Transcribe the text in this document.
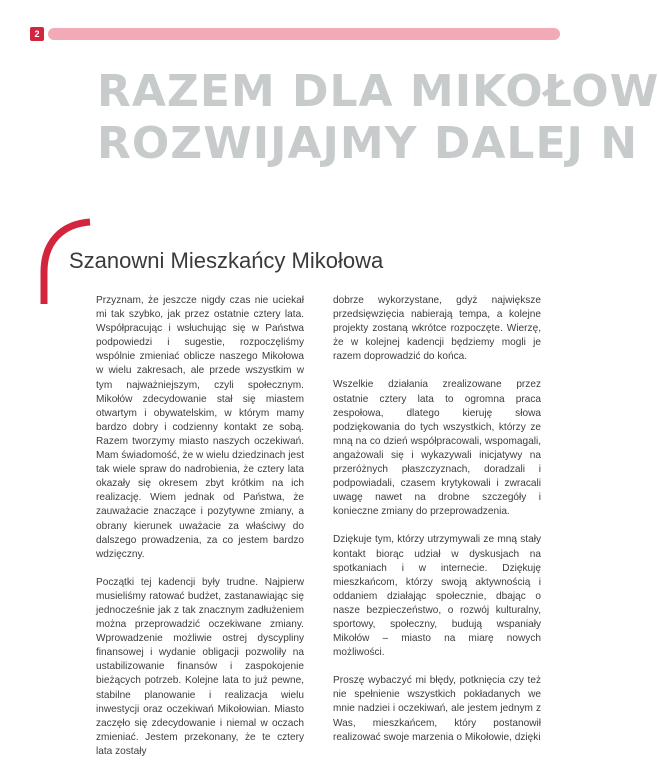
2
RAZEM DLA MIKOŁOW
ROZWIJAJMY DALEJ N
Szanowni Mieszkańcy Mikołowa

Przyznam, że jeszcze nigdy czas nie uciekał mi tak szybko, jak przez ostatnie cztery lata. Współpracując i wsłuchując się w Państwa podpowiedzi i sugestie, rozpoczęliśmy wspólnie zmieniać oblicze naszego Mikołowa w wielu zakresach, ale przede wszystkim w tym najważniejszym, czyli społecznym. Mikołów zdecydowanie stał się miastem otwartym i obywatelskim, w którym mamy bardzo dobry i codzienny kontakt ze sobą. Razem tworzymy miasto naszych oczekiwań. Mam świadomość, że w wielu dziedzinach jest tak wiele spraw do nadrobienia, że cztery lata okazały się okresem zbyt krótkim na ich realizację. Wiem jednak od Państwa, że zauważacie znaczące i pozytywne zmiany, a obrany kierunek uważacie za właściwy do dalszego prowadzenia, za co jestem bardzo wdzięczny.

Początki tej kadencji były trudne. Najpierw musieliśmy ratować budżet, zastanawiając się jednocześnie jak z tak znacznym zadłużeniem można przeprowadzić oczekiwane zmiany. Wprowadzenie możliwie ostrej dyscypliny finansowej i wydanie obligacji pozwoliły na ustabilizowanie finansów i zaspokojenie bieżących potrzeb. Kolejne lata to już pewne, stabilne planowanie i realizacja wielu inwestycji oraz oczekiwań Mikołowian. Miasto zaczęło się zdecydowanie i niemal w oczach zmieniać. Jestem przekonany, że te cztery lata zostały

dobrze wykorzystane, gdyż największe przedsięwzięcia nabierają tempa, a kolejne projekty zostaną wkrótce rozpoczęte. Wierzę, że w kolejnej kadencji będziemy mogli je razem doprowadzić do końca.

Wszelkie działania zrealizowane przez ostatnie cztery lata to ogromna praca zespołowa, dlatego kieruję słowa podziękowania do tych wszystkich, którzy ze mną na co dzień współpracowali, wspomagali, angażowali się i wykazywali inicjatywy na przeróżnych płaszczyznach, doradzali i podpowiadali, czasem krytykowali i zwracali uwagę nawet na drobne szczegóły i konieczne zmiany do przeprowadzenia.

Dziękuje tym, którzy utrzymywali ze mną stały kontakt biorąc udział w dyskusjach na spotkaniach i w internecie. Dziękuję mieszkańcom, którzy swoją aktywnością i oddaniem działając społecznie, dbając o nasze bezpieczeństwo, o rozwój kulturalny, sportowy, społeczny, budują wspaniały Mikołów – miasto na miarę nowych możliwości.

Proszę wybaczyć mi błędy, potknięcia czy też nie spełnienie wszystkich pokładanych we mnie nadziei i oczekiwań, ale jestem jednym z Was, mieszkańcem, który postanowił realizować swoje marzenia o Mikołowie, dzięki
